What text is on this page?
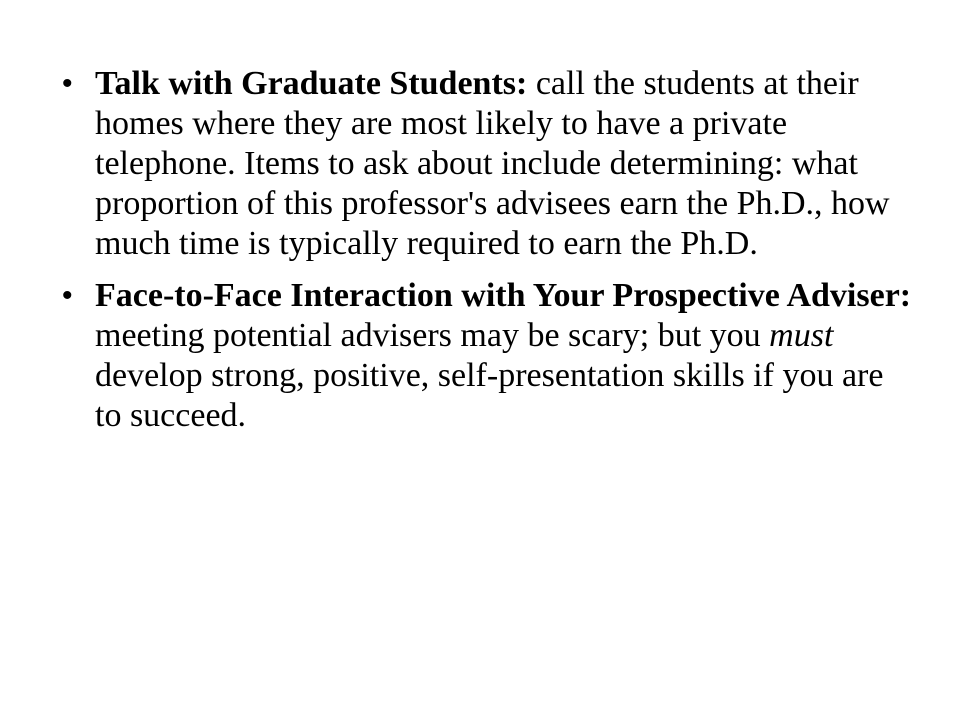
• Talk with Graduate Students: call the students at their homes where they are most likely to have a private telephone. Items to ask about include determining: what proportion of this professor's advisees earn the Ph.D., how much time is typically required to earn the Ph.D.
• Face-to-Face Interaction with Your Prospective Adviser: meeting potential advisers may be scary; but you must develop strong, positive, self-presentation skills if you are to succeed.
